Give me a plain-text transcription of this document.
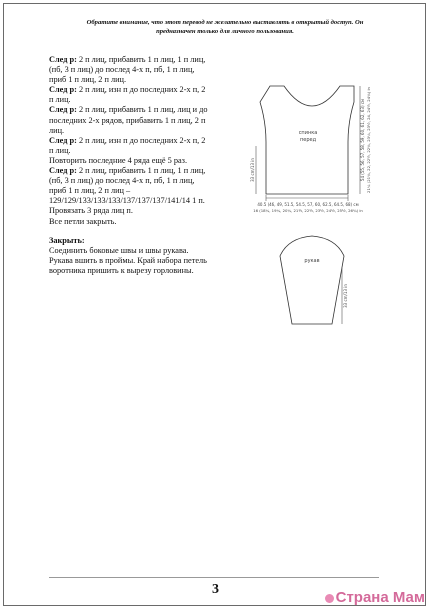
Обратите внимание, что этот перевод не желательно выставлять в открытый доступ. Он
предназначен только для личного пользования.

След р: 2 п лиц, прибавить 1 п лиц, 1 п лиц, (пб, 3 п лиц) до послед 4-х п, пб, 1 п лиц, приб 1 п лиц, 2 п лиц.

След р: 2 п лиц, изн п до последних 2-х п, 2 п лиц.

След р: 2 п лиц, прибавить 1 п лиц, лиц и до последних 2-х рядов, прибавить 1 п лиц, 2 п лиц.

След р: 2 п лиц, изн п до последних 2-х п, 2 п лиц.

Повторить последние 4 ряда ещё 5 раз.

След р: 2 п лиц, прибавить 1 п лиц, 1 п лиц, (пб, 3 п лиц) до послед 4-х п, пб, 1 п лиц, приб 1 п лиц, 2 п лиц – 129/129/133/133/133/137/137/137/141/14 1 п.

Провязать 3 ряда лиц п.

Все петли закрыть.

Закрыть:

Соединить боковые швы и швы рукава. Рукава вшить в проймы. Край набора петель воротника пришить к вырезу горловины.

40.5 (46, 49, 51.5, 54.5, 57, 60, 62.5, 64.5, 68) см
16 (18¼, 19¼, 20¼, 21½, 22½, 23½, 24½, 25½, 26¾) in
33 cm/13 in	54 (55, 56, 57, 58, 59, 60, 61, 62, 63) см 21¼ (21¾, 22, 22½, 22¾, 23¼, 23½, 24, 24½, 24¾) in
спинка
перед
рукав
33 cm/13 in
3	Страна Мам
